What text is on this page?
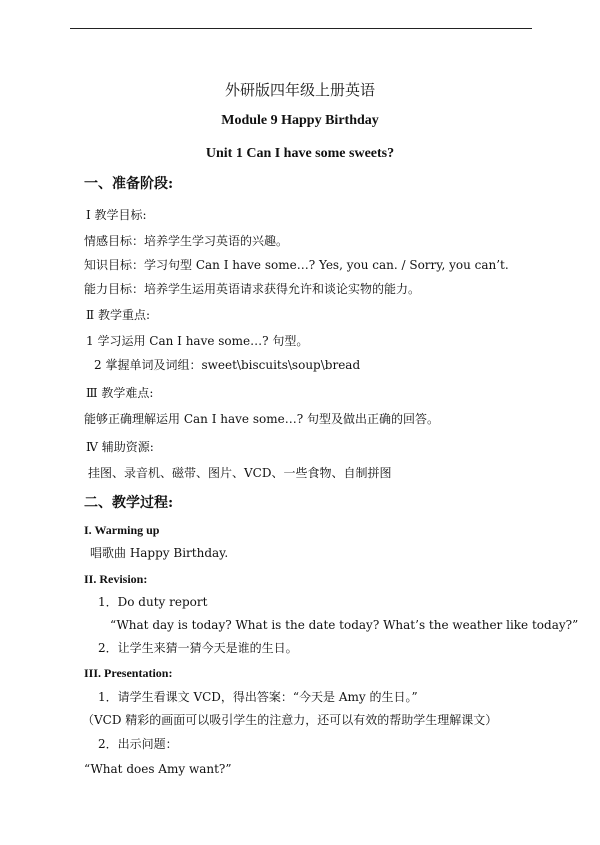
外研版四年级上册英语
Module 9 Happy Birthday
Unit 1 Can I have some sweets?
一、准备阶段:
Ⅰ 教学目标:
情感目标：培养学生学习英语的兴趣。
知识目标：学习句型 Can I have some…? Yes, you can. / Sorry, you can’t.
能力目标：培养学生运用英语请求获得允许和谈论实物的能力。
Ⅱ 教学重点:
1 学习运用 Can I have some…? 句型。
2 掌握单词及词组：sweet\biscuits\soup\bread
Ⅲ 教学难点:
能够正确理解运用 Can I have some…? 句型及做出正确的回答。
Ⅳ 辅助资源:
挂图、录音机、磁带、图片、VCD、一些食物、自制拼图
二、教学过程:
I. Warming up
唱歌曲 Happy Birthday.
II. Revision:
1．Do duty report
“What day is today? What is the date today? What’s the weather like today?”
2．让学生来猜一猜今天是谁的生日。
III. Presentation:
1．请学生看课文 VCD，得出答案：“今天是 Amy 的生日。”
（VCD 精彩的画面可以吸引学生的注意力，还可以有效的帮助学生理解课文）
2．出示问题：
“What does Amy want?”
